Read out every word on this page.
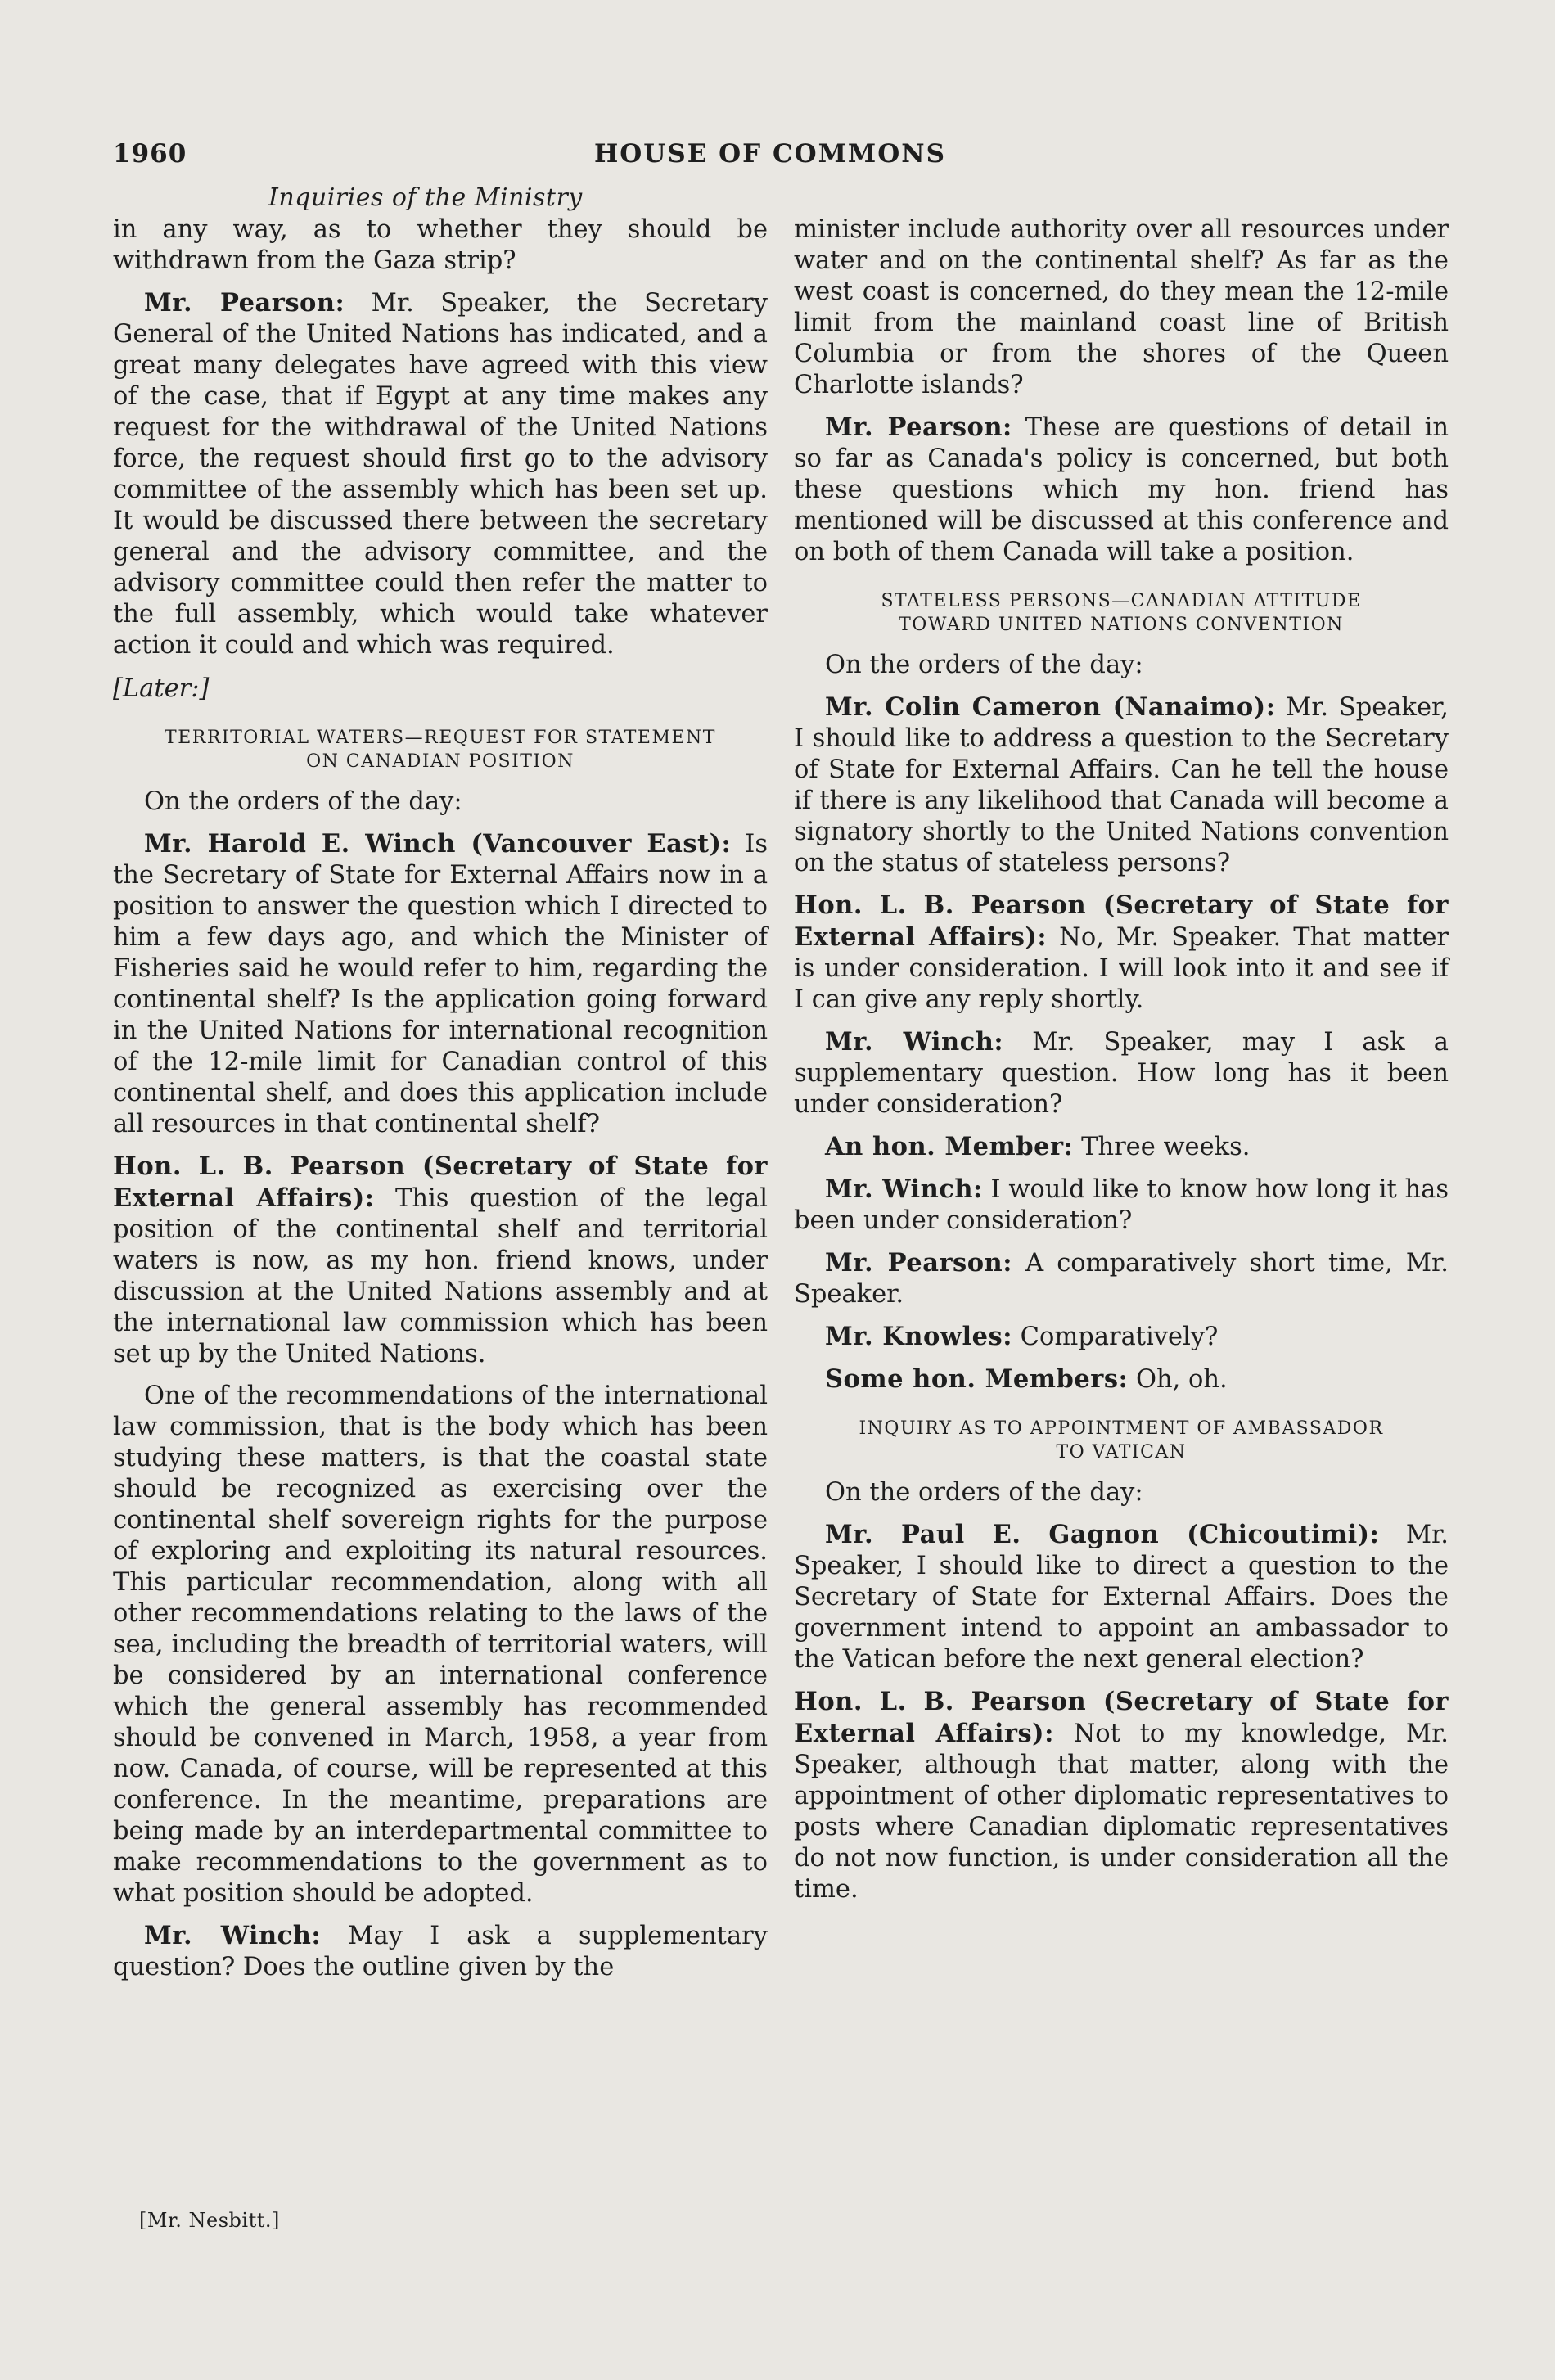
1960	HOUSE OF COMMONS
Inquiries of the Ministry

in any way, as to whether they should be withdrawn from the Gaza strip?

Mr. Pearson: Mr. Speaker, the Secretary General of the United Nations has indicated, and a great many delegates have agreed with this view of the case, that if Egypt at any time makes any request for the withdrawal of the United Nations force, the request should first go to the advisory committee of the assembly which has been set up. It would be discussed there between the secretary general and the advisory committee, and the advisory committee could then refer the matter to the full assembly, which would take whatever action it could and which was required.

[Later:]

TERRITORIAL WATERS—REQUEST FOR STATEMENT
ON CANADIAN POSITION

On the orders of the day:

Mr. Harold E. Winch (Vancouver East): Is the Secretary of State for External Affairs now in a position to answer the question which I directed to him a few days ago, and which the Minister of Fisheries said he would refer to him, regarding the continental shelf? Is the application going forward in the United Nations for international recognition of the 12-mile limit for Canadian control of this continental shelf, and does this application include all resources in that continental shelf?

Hon. L. B. Pearson (Secretary of State for External Affairs): This question of the legal position of the continental shelf and territorial waters is now, as my hon. friend knows, under discussion at the United Nations assembly and at the international law commission which has been set up by the United Nations.

One of the recommendations of the international law commission, that is the body which has been studying these matters, is that the coastal state should be recognized as exercising over the continental shelf sovereign rights for the purpose of exploring and exploiting its natural resources. This particular recommendation, along with all other recommendations relating to the laws of the sea, including the breadth of territorial waters, will be considered by an international conference which the general assembly has recommended should be convened in March, 1958, a year from now. Canada, of course, will be represented at this conference. In the meantime, preparations are being made by an interdepartmental committee to make recommendations to the government as to what position should be adopted.

Mr. Winch: May I ask a supplementary question? Does the outline given by the

minister include authority over all resources under water and on the continental shelf? As far as the west coast is concerned, do they mean the 12-mile limit from the mainland coast line of British Columbia or from the shores of the Queen Charlotte islands?

Mr. Pearson: These are questions of detail in so far as Canada's policy is concerned, but both these questions which my hon. friend has mentioned will be discussed at this conference and on both of them Canada will take a position.

STATELESS PERSONS—CANADIAN ATTITUDE
TOWARD UNITED NATIONS CONVENTION

On the orders of the day:

Mr. Colin Cameron (Nanaimo): Mr. Speaker, I should like to address a question to the Secretary of State for External Affairs. Can he tell the house if there is any likelihood that Canada will become a signatory shortly to the United Nations convention on the status of stateless persons?

Hon. L. B. Pearson (Secretary of State for External Affairs): No, Mr. Speaker. That matter is under consideration. I will look into it and see if I can give any reply shortly.

Mr. Winch: Mr. Speaker, may I ask a supplementary question. How long has it been under consideration?

An hon. Member: Three weeks.

Mr. Winch: I would like to know how long it has been under consideration?

Mr. Pearson: A comparatively short time, Mr. Speaker.

Mr. Knowles: Comparatively?

Some hon. Members: Oh, oh.

INQUIRY AS TO APPOINTMENT OF AMBASSADOR
TO VATICAN

On the orders of the day:

Mr. Paul E. Gagnon (Chicoutimi): Mr. Speaker, I should like to direct a question to the Secretary of State for External Affairs. Does the government intend to appoint an ambassador to the Vatican before the next general election?

Hon. L. B. Pearson (Secretary of State for External Affairs): Not to my knowledge, Mr. Speaker, although that matter, along with the appointment of other diplomatic representatives to posts where Canadian diplomatic representatives do not now function, is under consideration all the time.

[Mr. Nesbitt.]
